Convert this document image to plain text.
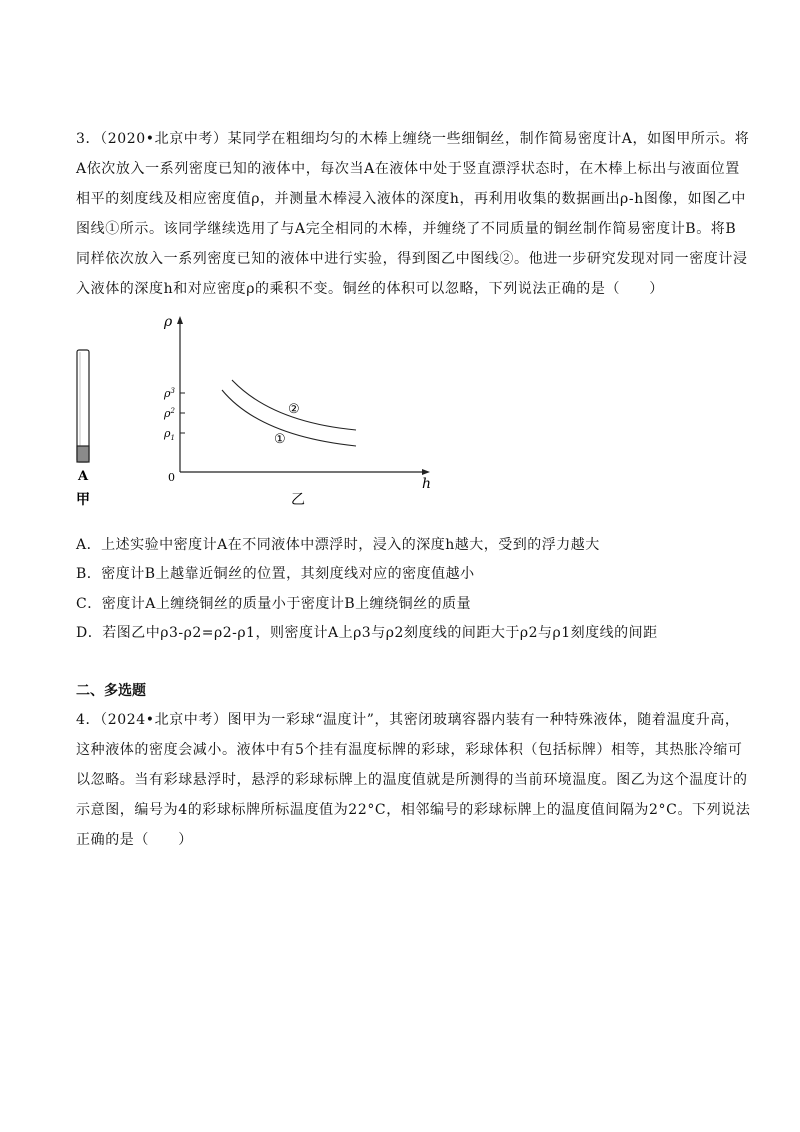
3．（2020•北京中考）某同学在粗细均匀的木棒上缠绕一些细铜丝，制作简易密度计A，如图甲所示。将
A依次放入一系列密度已知的液体中，每次当A在液体中处于竖直漂浮状态时，在木棒上标出与液面位置
相平的刻度线及相应密度值ρ，并测量木棒浸入液体的深度h，再利用收集的数据画出ρ-h图像，如图乙中
图线①所示。该同学继续选用了与A完全相同的木棒，并缠绕了不同质量的铜丝制作简易密度计B。将B
同样依次放入一系列密度已知的液体中进行实验，得到图乙中图线②。他进一步研究发现对同一密度计浸
入液体的深度h和对应密度ρ的乘积不变。铜丝的体积可以忽略，下列说法正确的是（　　）
A
甲
ρ
h
0
$\rho^3$
$\rho^2$
$\rho_1$
②
①
乙
A．上述实验中密度计A在不同液体中漂浮时，浸入的深度h越大，受到的浮力越大
B．密度计B上越靠近铜丝的位置，其刻度线对应的密度值越小
C．密度计A上缠绕铜丝的质量小于密度计B上缠绕铜丝的质量
D．若图乙中ρ3-ρ2=ρ2-ρ1，则密度计A上ρ3与ρ2刻度线的间距大于ρ2与ρ1刻度线的间距
二、多选题
4．（2024•北京中考）图甲为一彩球“温度计”，其密闭玻璃容器内装有一种特殊液体，随着温度升高，
这种液体的密度会减小。液体中有5个挂有温度标牌的彩球，彩球体积（包括标牌）相等，其热胀冷缩可
以忽略。当有彩球悬浮时，悬浮的彩球标牌上的温度值就是所测得的当前环境温度。图乙为这个温度计的
示意图，编号为4的彩球标牌所标温度值为22°C，相邻编号的彩球标牌上的温度值间隔为2°C。下列说法
正确的是（　　）
